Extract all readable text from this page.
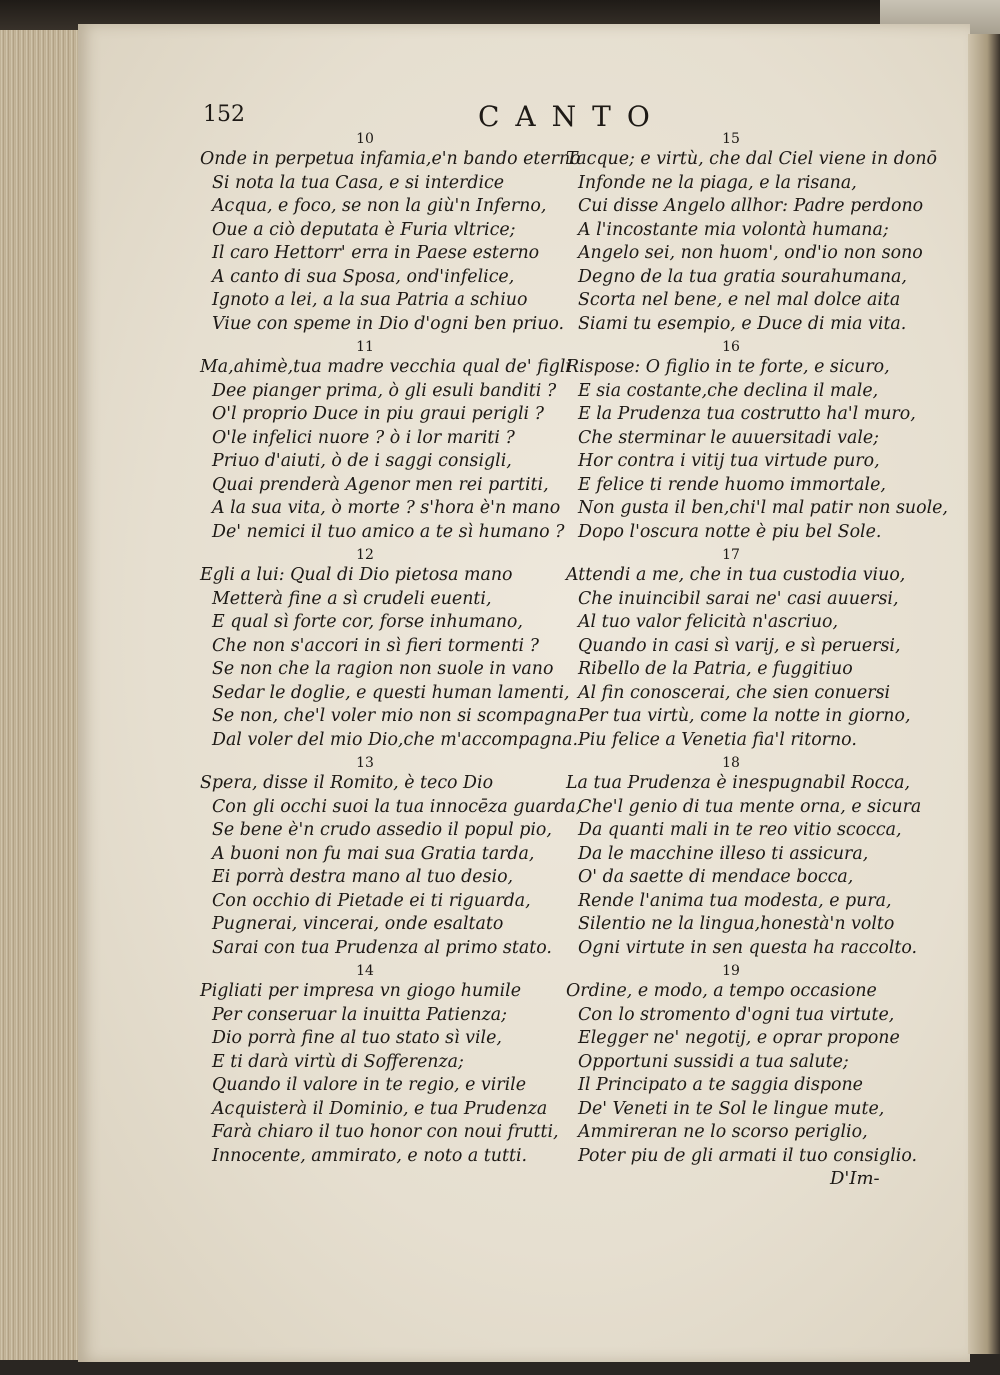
152	CANTO
10
Onde in perpetua infamia,e'n bando eterno
Si nota la tua Casa, e si interdice
Acqua, e foco, se non la giù'n Inferno,
Oue a ciò deputata è Furia vltrice;
Il caro Hettorr' erra in Paese esterno
A canto di sua Sposa, ond'infelice,
Ignoto a lei, a la sua Patria a schiuo
Viue con speme in Dio d'ogni ben priuo.
11
Ma,ahimè,tua madre vecchia qual de' figli
Dee pianger prima, ò gli esuli banditi ?
O'l proprio Duce in piu graui perigli ?
O'le infelici nuore ? ò i lor mariti ?
Priuo d'aiuti, ò de i saggi consigli,
Quai prenderà Agenor men rei partiti,
A la sua vita, ò morte ? s'hora è'n mano
De' nemici il tuo amico a te sì humano ?
12
Egli a lui: Qual di Dio pietosa mano
Metterà fine a sì crudeli euenti,
E qual sì forte cor, forse inhumano,
Che non s'accori in sì fieri tormenti ?
Se non che la ragion non suole in vano
Sedar le doglie, e questi human lamenti,
Se non, che'l voler mio non si scompagna
Dal voler del mio Dio,che m'accompagna.
13
Spera, disse il Romito, è teco Dio
Con gli occhi suoi la tua innocēza guarda,
Se bene è'n crudo assedio il popul pio,
A buoni non fu mai sua Gratia tarda,
Ei porrà destra mano al tuo desio,
Con occhio di Pietade ei ti riguarda,
Pugnerai, vincerai, onde esaltato
Sarai con tua Prudenza al primo stato.
14
Pigliati per impresa vn giogo humile
Per conseruar la inuitta Patienza;
Dio porrà fine al tuo stato sì vile,
E ti darà virtù di Sofferenza;
Quando il valore in te regio, e virile
Acquisterà il Dominio, e tua Prudenza
Farà chiaro il tuo honor con noui frutti,
Innocente, ammirato, e noto a tutti.
15
Tacque; e virtù, che dal Ciel viene in donō
Infonde ne la piaga, e la risana,
Cui disse Angelo allhor: Padre perdono
A l'incostante mia volontà humana;
Angelo sei, non huom', ond'io non sono
Degno de la tua gratia sourahumana,
Scorta nel bene, e nel mal dolce aita
Siami tu esempio, e Duce di mia vita.
16
Rispose: O figlio in te forte, e sicuro,
E sia costante,che declina il male,
E la Prudenza tua costrutto ha'l muro,
Che sterminar le auuersitadi vale;
Hor contra i vitij tua virtude puro,
E felice ti rende huomo immortale,
Non gusta il ben,chi'l mal patir non suole,
Dopo l'oscura notte è piu bel Sole.
17
Attendi a me, che in tua custodia viuo,
Che inuincibil sarai ne' casi auuersi,
Al tuo valor felicità n'ascriuo,
Quando in casi sì varij, e sì peruersi,
Ribello de la Patria, e fuggitiuo
Al fin conoscerai, che sien conuersi
Per tua virtù, come la notte in giorno,
Piu felice a Venetia fia'l ritorno.
18
La tua Prudenza è inespugnabil Rocca,
Che'l genio di tua mente orna, e sicura
Da quanti mali in te reo vitio scocca,
Da le macchine illeso ti assicura,
O' da saette di mendace bocca,
Rende l'anima tua modesta, e pura,
Silentio ne la lingua,honestà'n volto
Ogni virtute in sen questa ha raccolto.
19
Ordine, e modo, a tempo occasione
Con lo stromento d'ogni tua virtute,
Elegger ne' negotij, e oprar propone
Opportuni sussidi a tua salute;
Il Principato a te saggia dispone
De' Veneti in te Sol le lingue mute,
Ammireran ne lo scorso periglio,
Poter piu de gli armati il tuo consiglio.
D'Im-
